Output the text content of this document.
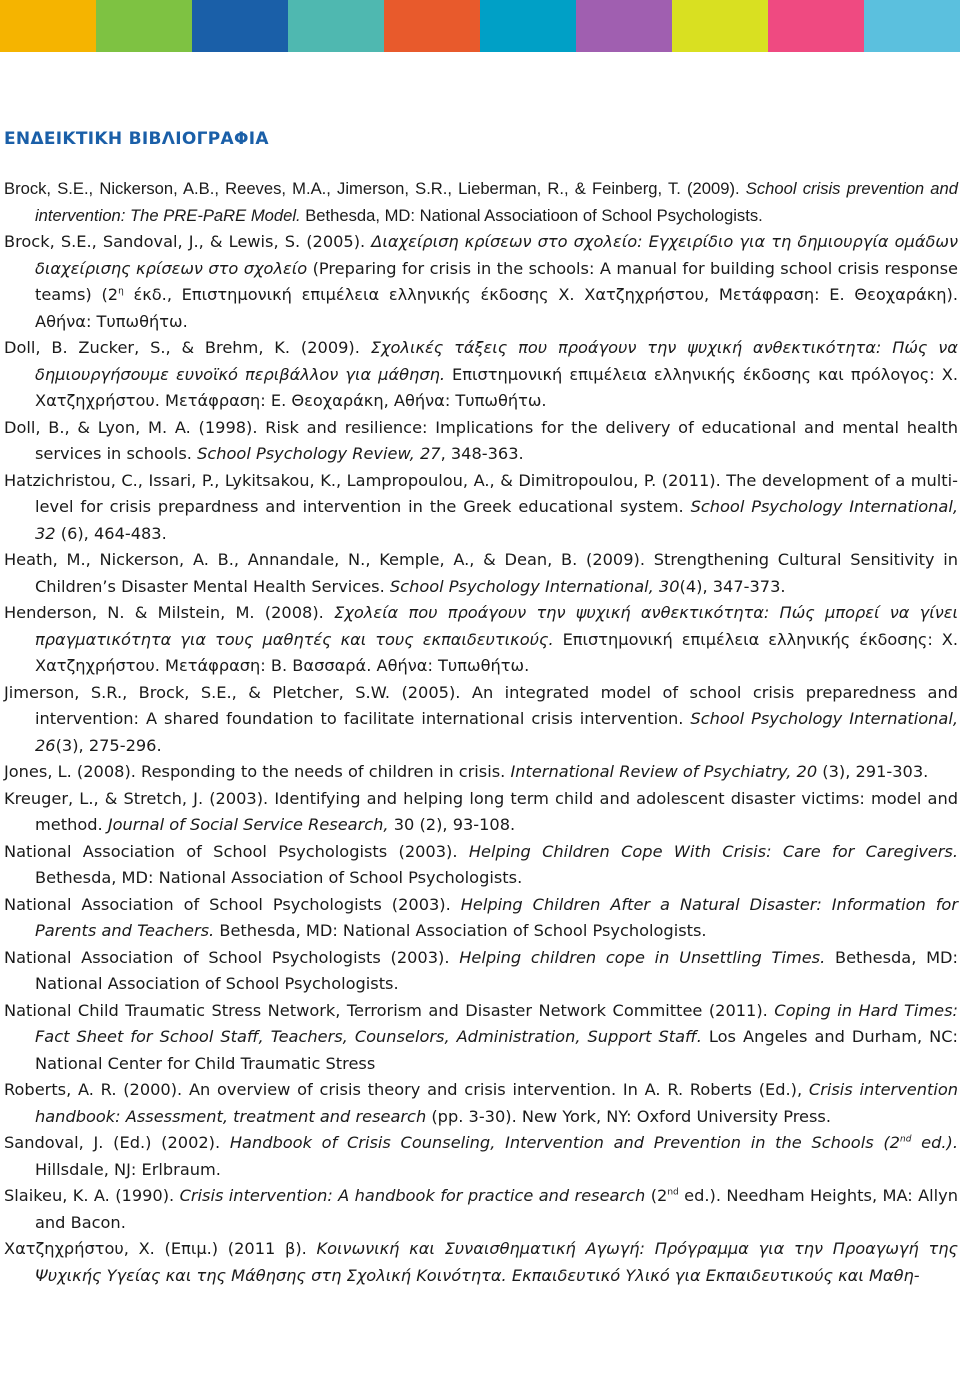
ΕΝΔΕΙΚΤΙΚΗ ΒΙΒΛΙΟΓΡΑΦΙΑ
Brock, S.E., Nickerson, A.B., Reeves, M.A., Jimerson, S.R., Lieberman, R., & Feinberg, T. (2009). School crisis prevention and intervention: The PRE-PaRE Model. Bethesda, MD: National Associatioon of School Psychologists.
Brock, S.E., Sandoval, J., & Lewis, S. (2005). Διαχείριση κρίσεων στο σχολείο: Εγχειρίδιο για τη δημιουργία ομάδων διαχείρισης κρίσεων στο σχολείο (Preparing for crisis in the schools: A manual for building school crisis response teams) ($2^\eta$ έκδ., Επιστημονική επιμέλεια ελληνικής έκδοσης Χ. Χατζηχρήστου, Μετάφραση: Ε. Θεοχαράκη). Αθήνα: Τυπωθήτω.
Doll, B. Zucker, S., & Brehm, K. (2009). Σχολικές τάξεις που προάγουν την ψυχική ανθεκτικότητα: Πώς να δημιουργήσουμε ευνοϊκό περιβάλλον για μάθηση. Επιστημονική επιμέλεια ελληνικής έκδοσης και πρόλογος: Χ. Χατζηχρήστου. Μετάφραση: Ε. Θεοχαράκη, Αθήνα: Τυπωθήτω.
Doll, B., & Lyon, M. A. (1998). Risk and resilience: Implications for the delivery of educational and mental health services in schools. School Psychology Review, 27, 348-363.
Hatzichristou, C., Issari, P., Lykitsakou, K., Lampropoulou, A., & Dimitropoulou, P. (2011). The development of a multi-level for crisis prepardness and intervention in the Greek educational system. School Psychology International, 32 (6), 464-483.
Heath, M., Nickerson, A. B., Annandale, N., Kemple, A., & Dean, B. (2009). Strengthening Cultural Sensitivity in Children’s Disaster Mental Health Services. School Psychology International, 30(4), 347-373.
Henderson, N. & Milstein, M. (2008). Σχολεία που προάγουν την ψυχική ανθεκτικότητα: Πώς μπορεί να γίνει πραγματικότητα για τους μαθητές και τους εκπαιδευτικούς. Επιστημονική επιμέλεια ελληνικής έκδοσης: Χ. Χατζηχρήστου. Μετάφραση: Β. Βασσαρά. Αθήνα: Τυπωθήτω.
Jimerson, S.R., Brock, S.E., & Pletcher, S.W. (2005). An integrated model of school crisis preparedness and intervention: A shared foundation to facilitate international crisis intervention. School Psychology International, 26(3), 275-296.
Jones, L. (2008). Responding to the needs of children in crisis. International Review of Psychiatry, 20 (3), 291-303.
Kreuger, L., & Stretch, J. (2003). Identifying and helping long term child and adolescent disaster victims: model and method. Journal of Social Service Research, 30 (2), 93-108.
National Association of School Psychologists (2003). Helping Children Cope With Crisis: Care for Caregivers. Bethesda, MD: National Association of School Psychologists.
National Association of School Psychologists (2003). Helping Children After a Natural Disaster: Information for Parents and Teachers. Bethesda, MD: National Association of School Psychologists.
National Association of School Psychologists (2003). Helping children cope in Unsettling Times. Bethesda, MD: National Association of School Psychologists.
National Child Traumatic Stress Network, Terrorism and Disaster Network Committee (2011). Coping in Hard Times: Fact Sheet for School Staff, Teachers, Counselors, Administration, Support Staff. Los Angeles and Durham, NC: National Center for Child Traumatic Stress
Roberts, A. R. (2000). An overview of crisis theory and crisis intervention. In A. R. Roberts (Ed.), Crisis intervention handbook: Assessment, treatment and research (pp. 3-30). New York, NY: Oxford University Press.
Sandoval, J. (Ed.) (2002). Handbook of Crisis Counseling, Intervention and Prevention in the Schools (2nd ed.). Hillsdale, NJ: Erlbraum.
Slaikeu, K. A. (1990). Crisis intervention: A handbook for practice and research (2nd ed.). Needham Heights, MA: Allyn and Bacon.
Χατζηχρήστου, Χ. (Επιμ.) (2011 β). Κοινωνική και Συναισθηματική Αγωγή: Πρόγραμμα για την Προαγωγή της Ψυχικής Υγείας και της Μάθησης στη Σχολική Κοινότητα. Εκπαιδευτικό Υλικό για Εκπαιδευτικούς και Μαθη-
